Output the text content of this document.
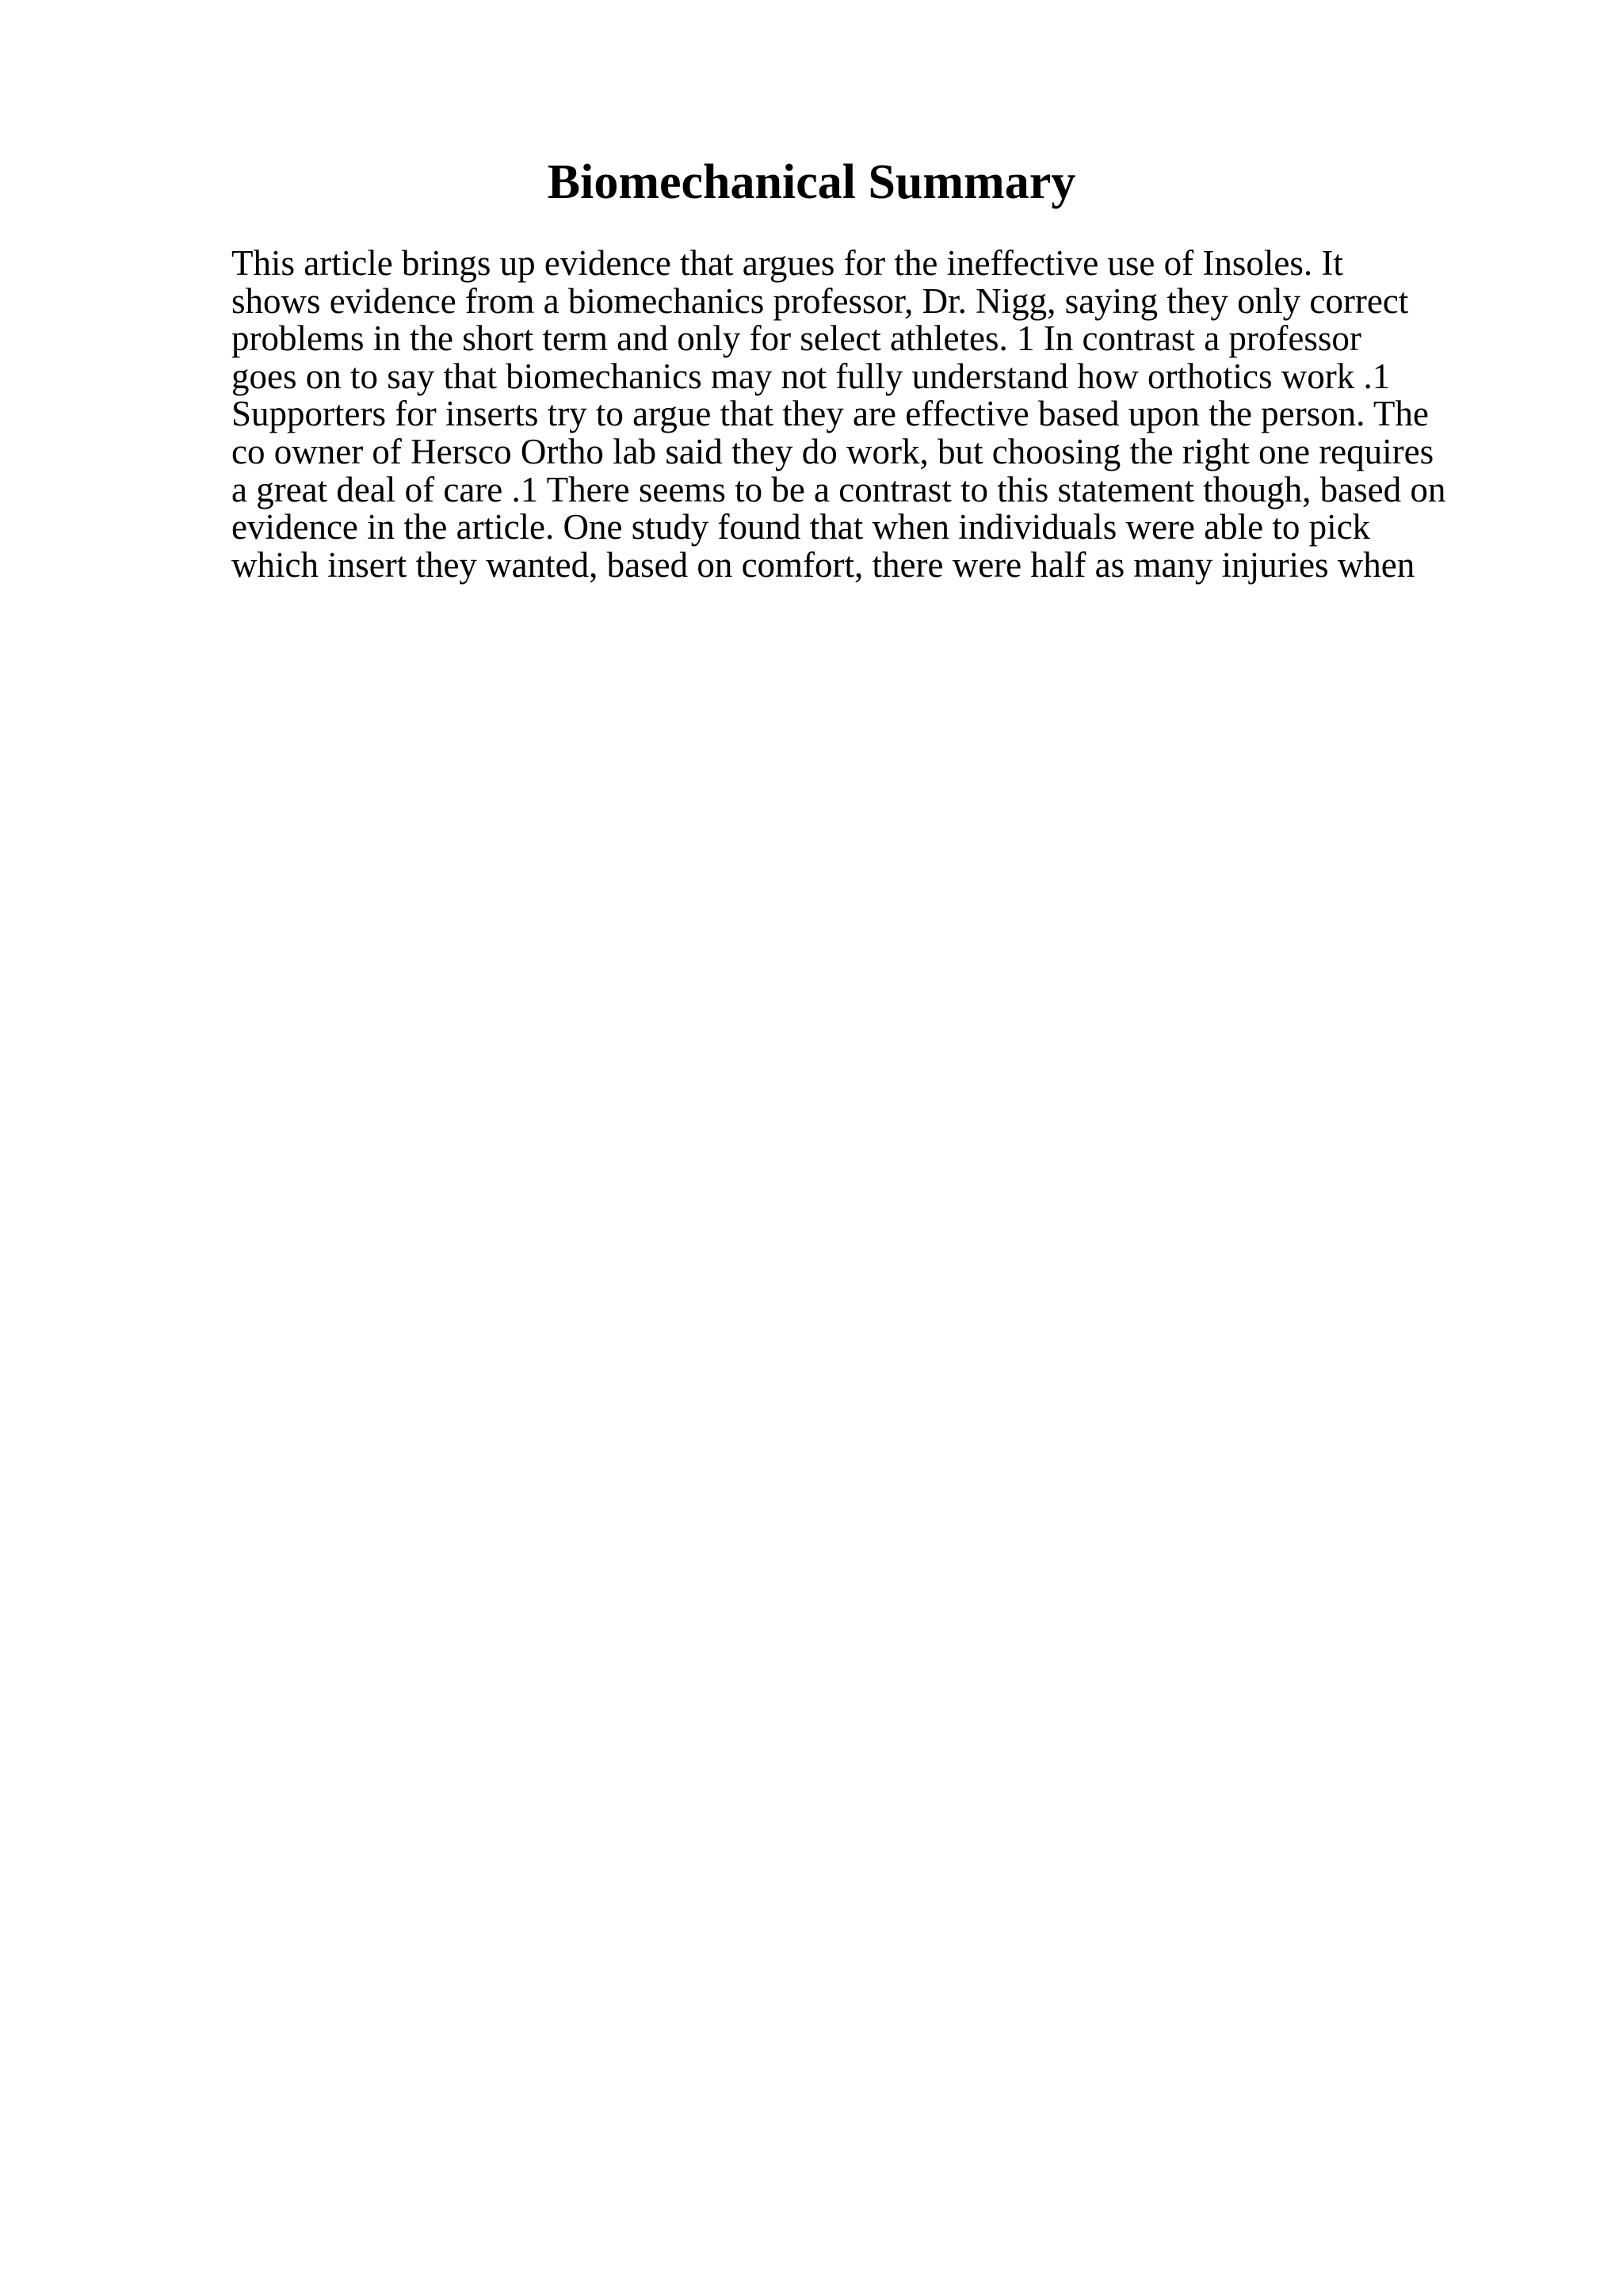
Biomechanical Summary
This article brings up evidence that argues for the ineffective use of Insoles. It
shows evidence from a biomechanics professor, Dr. Nigg, saying they only correct
problems in the short term and only for select athletes. 1 In contrast a professor
goes on to say that biomechanics may not fully understand how orthotics work .1
Supporters for inserts try to argue that they are effective based upon the person. The
co owner of Hersco Ortho lab said they do work, but choosing the right one requires
a great deal of care .1 There seems to be a contrast to this statement though, based on
evidence in the article. One study found that when individuals were able to pick
which insert they wanted, based on comfort, there were half as many injuries when
